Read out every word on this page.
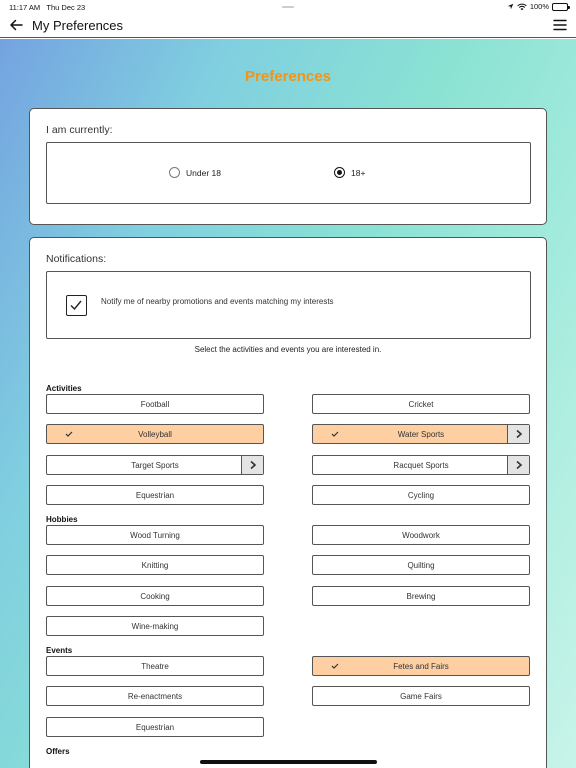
11:17 AM Thu Dec 23	100%
My Preferences
Preferences
I am currently:
Under 18	18+
Notifications:
Notify me of nearby promotions and events matching my interests
Select the activities and events you are interested in.
Activities
Football	Cricket
Volleyball	Water Sports
Target Sports	Racquet Sports
Equestrian	Cycling
Hobbies
Wood Turning	Woodwork
Knitting	Quilting
Cooking	Brewing
Wine-making
Events
Theatre	Fetes and Fairs
Re-enactments	Game Fairs
Equestrian
Offers
